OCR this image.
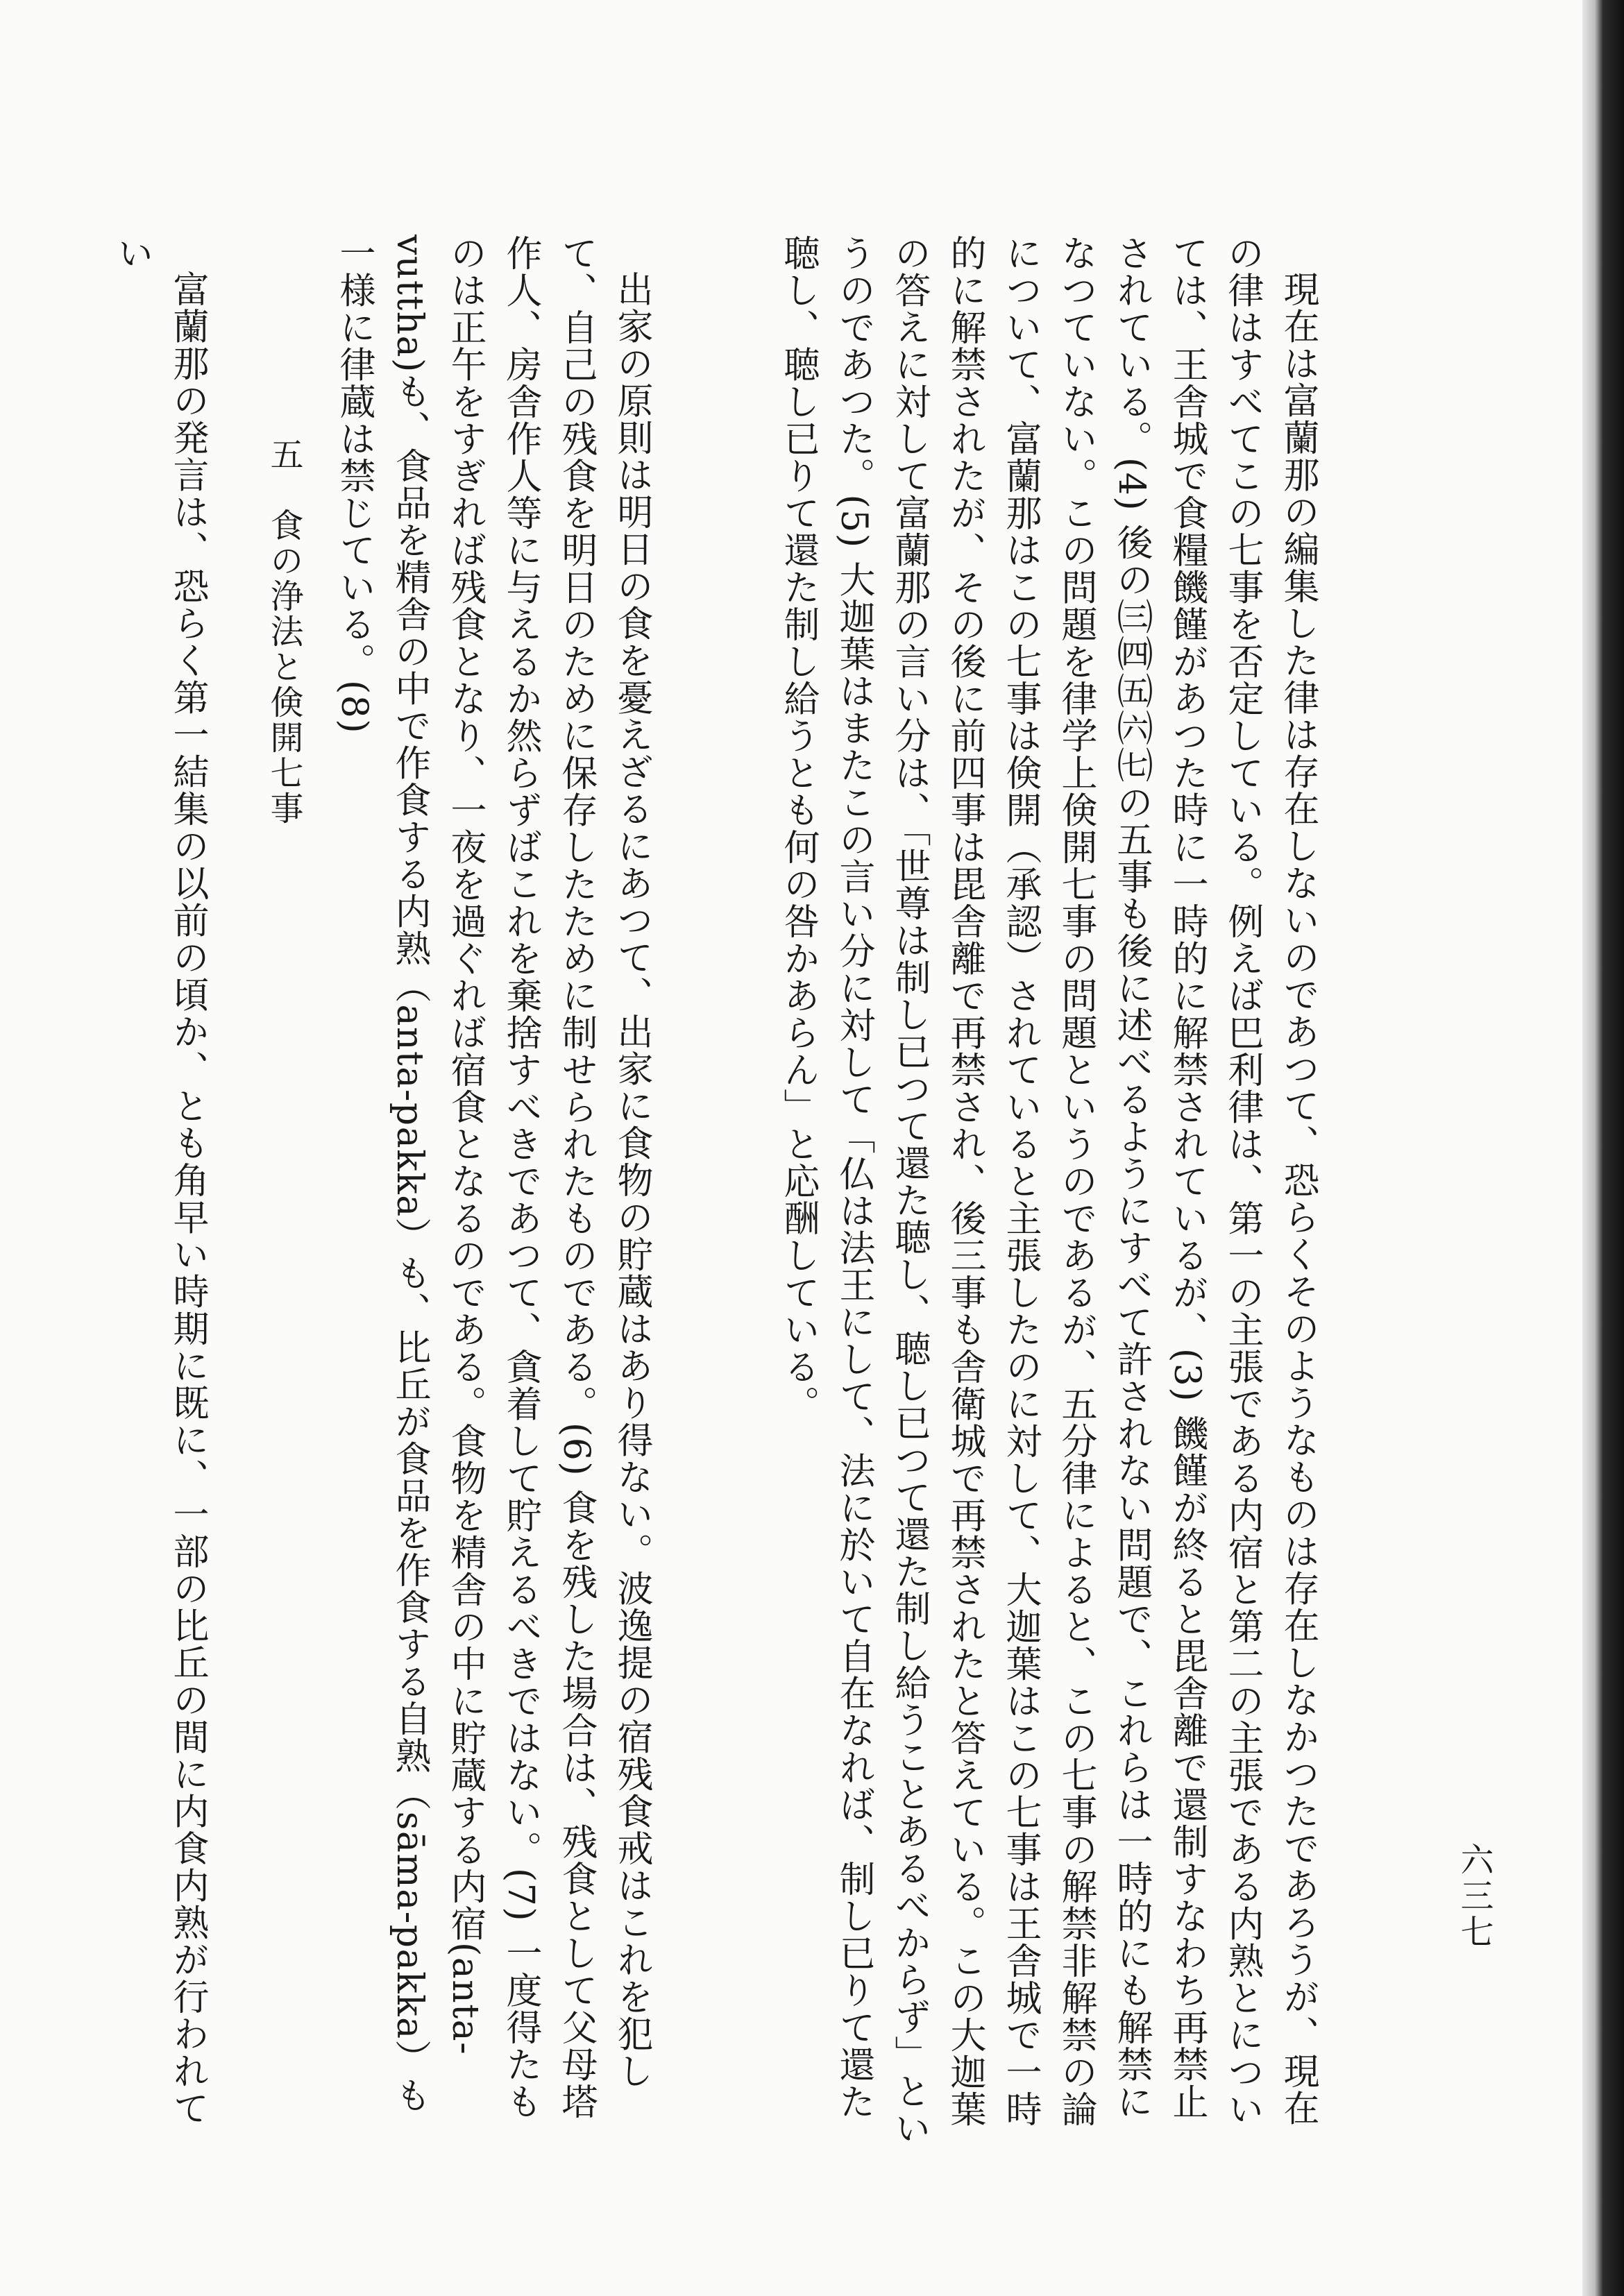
現在は富蘭那の編集した律は存在しないのであつて、恐らくそのようなものは存在しなかつたであろうが、現在の律はすべてこの七事を否定している。例えば巴利律は、第一の主張である内宿と第二の主張である内熟とについては、王舎城で食糧饑饉があつた時に一時的に解禁されているが、(3) 饑饉が終ると毘舎離で還制すなわち再禁止されている。(4) 後の㈢㈣㈤㈥㈦の五事も後に述べるようにすべて許されない問題で、これらは一時的にも解禁になつていない。この問題を律学上倹開七事の問題というのであるが、五分律によると、この七事の解禁非解禁の論について、富蘭那はこの七事は倹開（承認）されていると主張したのに対して、大迦葉はこの七事は王舎城で一時的に解禁されたが、その後に前四事は毘舎離で再禁され、後三事も舎衛城で再禁されたと答えている。この大迦葉の答えに対して富蘭那の言い分は、「世尊は制し已つて還た聴し、聴し已つて還た制し給うことあるべからず」というのであつた。(5) 大迦葉はまたこの言い分に対して「仏は法王にして、法に於いて自在なれば、制し已りて還た聴し、聴し已りて還た制し給うとも何の咎かあらん」と応酬している。

出家の原則は明日の食を憂えざるにあつて、出家に食物の貯蔵はあり得ない。波逸提の宿残食戒はこれを犯して、自己の残食を明日のために保存したために制せられたものである。(6) 食を残した場合は、残食として父母塔作人、房舎作人等に与えるか然らずばこれを棄捨すべきであつて、貪着して貯えるべきではない。(7) 一度得たものは正午をすぎれば残食となり、一夜を過ぐれば宿食となるのである。食物を精舎の中に貯蔵する内宿(anta-vuttha)も、食品を精舎の中で作食する内熟（anta-pakka）も、比丘が食品を作食する自熟（sāma-pakka）も一様に律蔵は禁じている。(8)

富蘭那の発言は、恐らく第一結集の以前の頃か、とも角早い時期に既に、一部の比丘の間に内食内熟が行われてい

六三七
五　食の浄法と倹開七事
